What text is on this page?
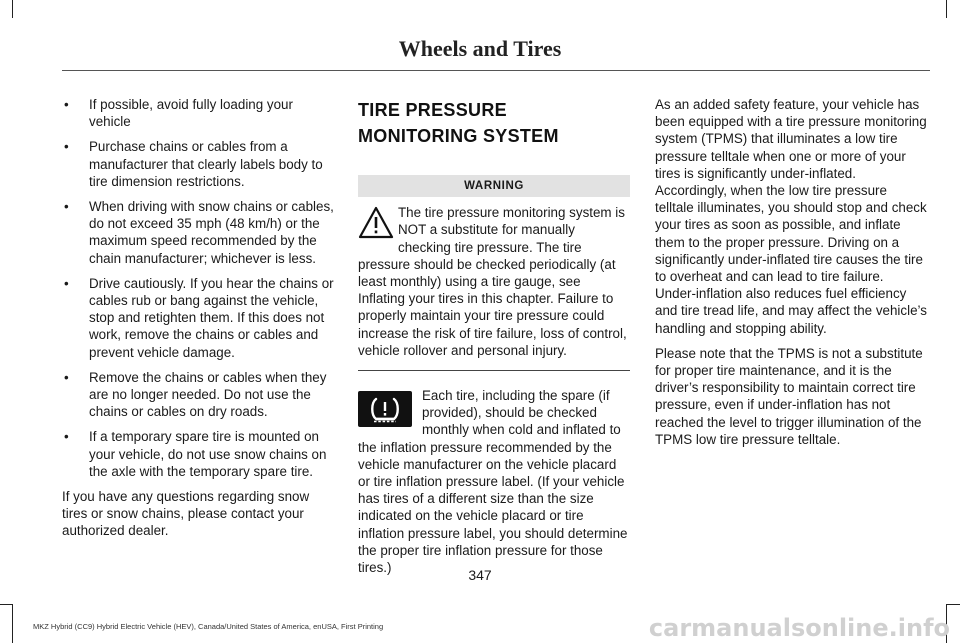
Wheels and Tires
• If possible, avoid fully loading your vehicle
• Purchase chains or cables from a manufacturer that clearly labels body to tire dimension restrictions.
• When driving with snow chains or cables, do not exceed 35 mph (48 km/h) or the maximum speed recommended by the chain manufacturer; whichever is less.
• Drive cautiously. If you hear the chains or cables rub or bang against the vehicle, stop and retighten them. If this does not work, remove the chains or cables and prevent vehicle damage.
• Remove the chains or cables when they are no longer needed. Do not use the chains or cables on dry roads.
• If a temporary spare tire is mounted on your vehicle, do not use snow chains on the axle with the temporary spare tire.

If you have any questions regarding snow tires or snow chains, please contact your authorized dealer.

TIRE PRESSURE MONITORING SYSTEM
WARNING

The tire pressure monitoring system is NOT a substitute for manually checking tire pressure. The tire pressure should be checked periodically (at least monthly) using a tire gauge, see Inflating your tires in this chapter. Failure to properly maintain your tire pressure could increase the risk of tire failure, loss of control, vehicle rollover and personal injury.

Each tire, including the spare (if provided), should be checked monthly when cold and inflated to the inflation pressure recommended by the vehicle manufacturer on the vehicle placard or tire inflation pressure label. (If your vehicle has tires of a different size than the size indicated on the vehicle placard or tire inflation pressure label, you should determine the proper tire inflation pressure for those tires.)

As an added safety feature, your vehicle has been equipped with a tire pressure monitoring system (TPMS) that illuminates a low tire pressure telltale when one or more of your tires is significantly under-inflated. Accordingly, when the low tire pressure telltale illuminates, you should stop and check your tires as soon as possible, and inflate them to the proper pressure. Driving on a significantly under-inflated tire causes the tire to overheat and can lead to tire failure. Under-inflation also reduces fuel efficiency and tire tread life, and may affect the vehicle’s handling and stopping ability.

Please note that the TPMS is not a substitute for proper tire maintenance, and it is the driver’s responsibility to maintain correct tire pressure, even if under-inflation has not reached the level to trigger illumination of the TPMS low tire pressure telltale.

347
MKZ Hybrid (CC9) Hybrid Electric Vehicle (HEV), Canada/United States of America, enUSA, First Printing	carmanualsonline.info
